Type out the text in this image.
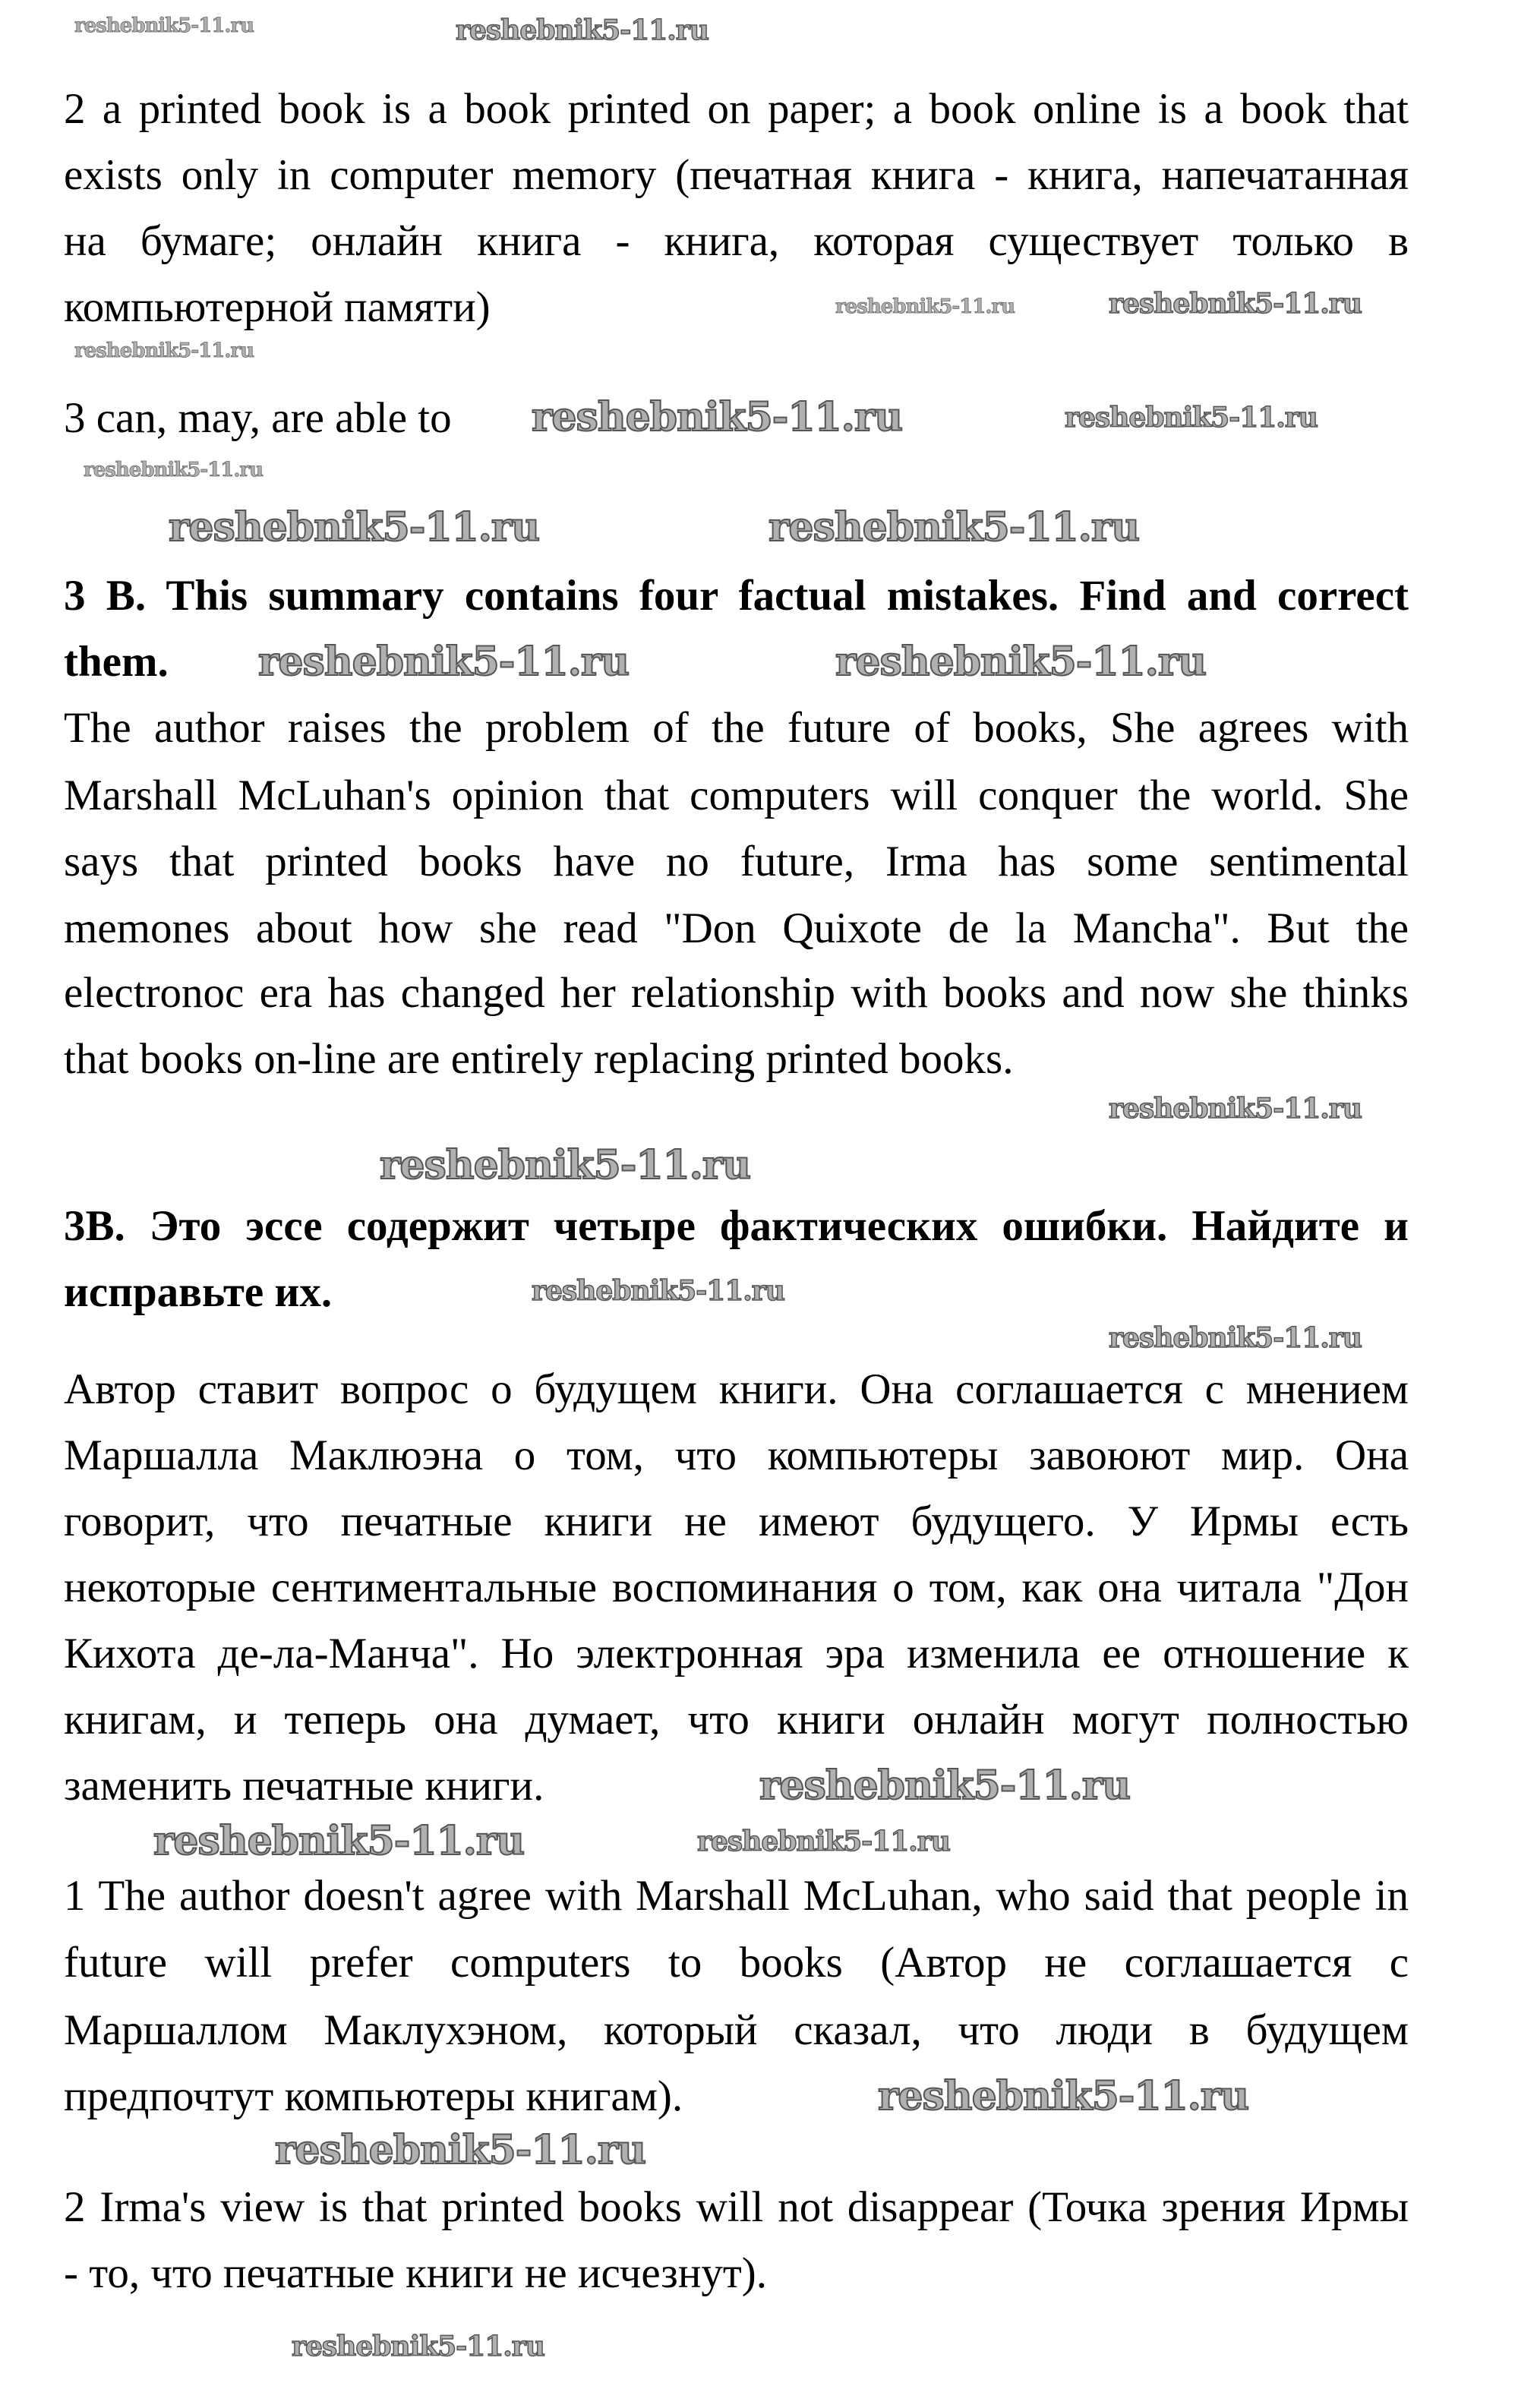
2 a printed book is a book printed on paper; a book online is a book that
exists only in computer memory (печатная книга - книга, напечатанная
на бумаге; онлайн книга - книга, которая существует только в
компьютерной памяти)
3 can, may, are able to
3 B. This summary contains four factual mistakes. Find and correct
them.
The author raises the problem of the future of books, She agrees with
Marshall McLuhan's opinion that computers will conquer the world. She
says that printed books have no future, Irma has some sentimental
memones about how she read "Don Quixote de la Mancha". But the
electronoc era has changed her relationship with books and now she thinks
that books on-line are entirely replacing printed books.
3B. Это эссе содержит четыре фактических ошибки. Найдите и
исправьте их.
Автор ставит вопрос о будущем книги. Она соглашается с мнением
Маршалла Маклюэна о том, что компьютеры завоюют мир. Она
говорит, что печатные книги не имеют будущего. У Ирмы есть
некоторые сентиментальные воспоминания о том, как она читала "Дон
Кихота де-ла-Манча". Но электронная эра изменила ее отношение к
книгам, и теперь она думает, что книги онлайн могут полностью
заменить печатные книги.
1 The author doesn't agree with Marshall McLuhan, who said that people in
future will prefer computers to books (Автор не соглашается с
Маршаллом Маклухэном, который сказал, что люди в будущем
предпочтут компьютеры книгам).
2 Irma's view is that printed books will not disappear (Точка зрения Ирмы
- то, что печатные книги не исчезнут).
reshebnik5-11.ru	reshebnik5-11.ru
reshebnik5-11.ru	reshebnik5-11.ru
reshebnik5-11.ru
reshebnik5-11.ru	reshebnik5-11.ru
reshebnik5-11.ru
reshebnik5-11.ru	reshebnik5-11.ru
reshebnik5-11.ru	reshebnik5-11.ru
reshebnik5-11.ru
reshebnik5-11.ru
reshebnik5-11.ru
reshebnik5-11.ru
reshebnik5-11.ru
reshebnik5-11.ru	reshebnik5-11.ru
reshebnik5-11.ru
reshebnik5-11.ru
reshebnik5-11.ru
